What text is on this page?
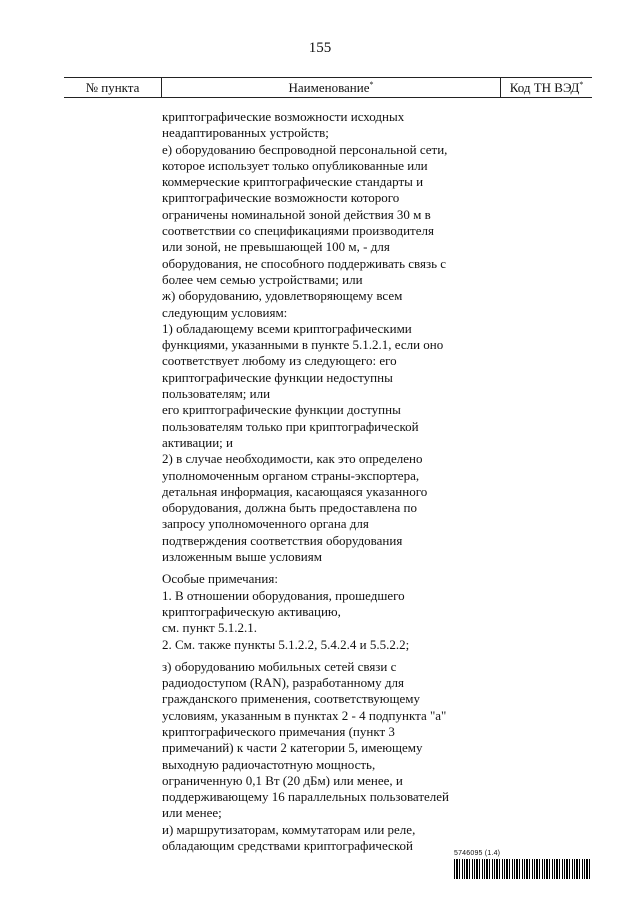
155
№ пункта	Наименование*	Код ТН ВЭД*

криптографические возможности исходных неадаптированных устройств;

е) оборудованию беспроводной персональной сети, которое использует только опубликованные или коммерческие криптографические стандарты и криптографические возможности которого ограничены номинальной зоной действия 30 м в соответствии со спецификациями производителя или зоной, не превышающей 100 м, - для оборудования, не способного поддерживать связь с более чем семью устройствами; или

ж) оборудованию, удовлетворяющему всем следующим условиям:

1) обладающему всеми криптографическими функциями, указанными в пункте 5.1.2.1, если оно соответствует любому из следующего: его криптографические функции недоступны пользователям; или

его криптографические функции доступны пользователям только при криптографической активации; и

2) в случае необходимости, как это определено уполномоченным органом страны-экспортера, детальная информация, касающаяся указанного оборудования, должна быть предоставлена по запросу уполномоченного органа для подтверждения соответствия оборудования изложенным выше условиям

Особые примечания:

1. В отношении оборудования, прошедшего криптографическую активацию,

см. пункт 5.1.2.1.

2. См. также пункты 5.1.2.2, 5.4.2.4 и 5.5.2.2;

з) оборудованию мобильных сетей связи с радиодоступом (RAN), разработанному для гражданского применения, соответствующему условиям, указанным в пунктах 2 - 4 подпункта "а" криптографического примечания (пункт 3 примечаний) к части 2 категории 5, имеющему выходную радиочастотную мощность, ограниченную 0,1 Вт (20 дБм) или менее, и поддерживающему 16 параллельных пользователей или менее;

и) маршрутизаторам, коммутаторам или реле, обладающим средствами криптографической

5746095 (1.4)
